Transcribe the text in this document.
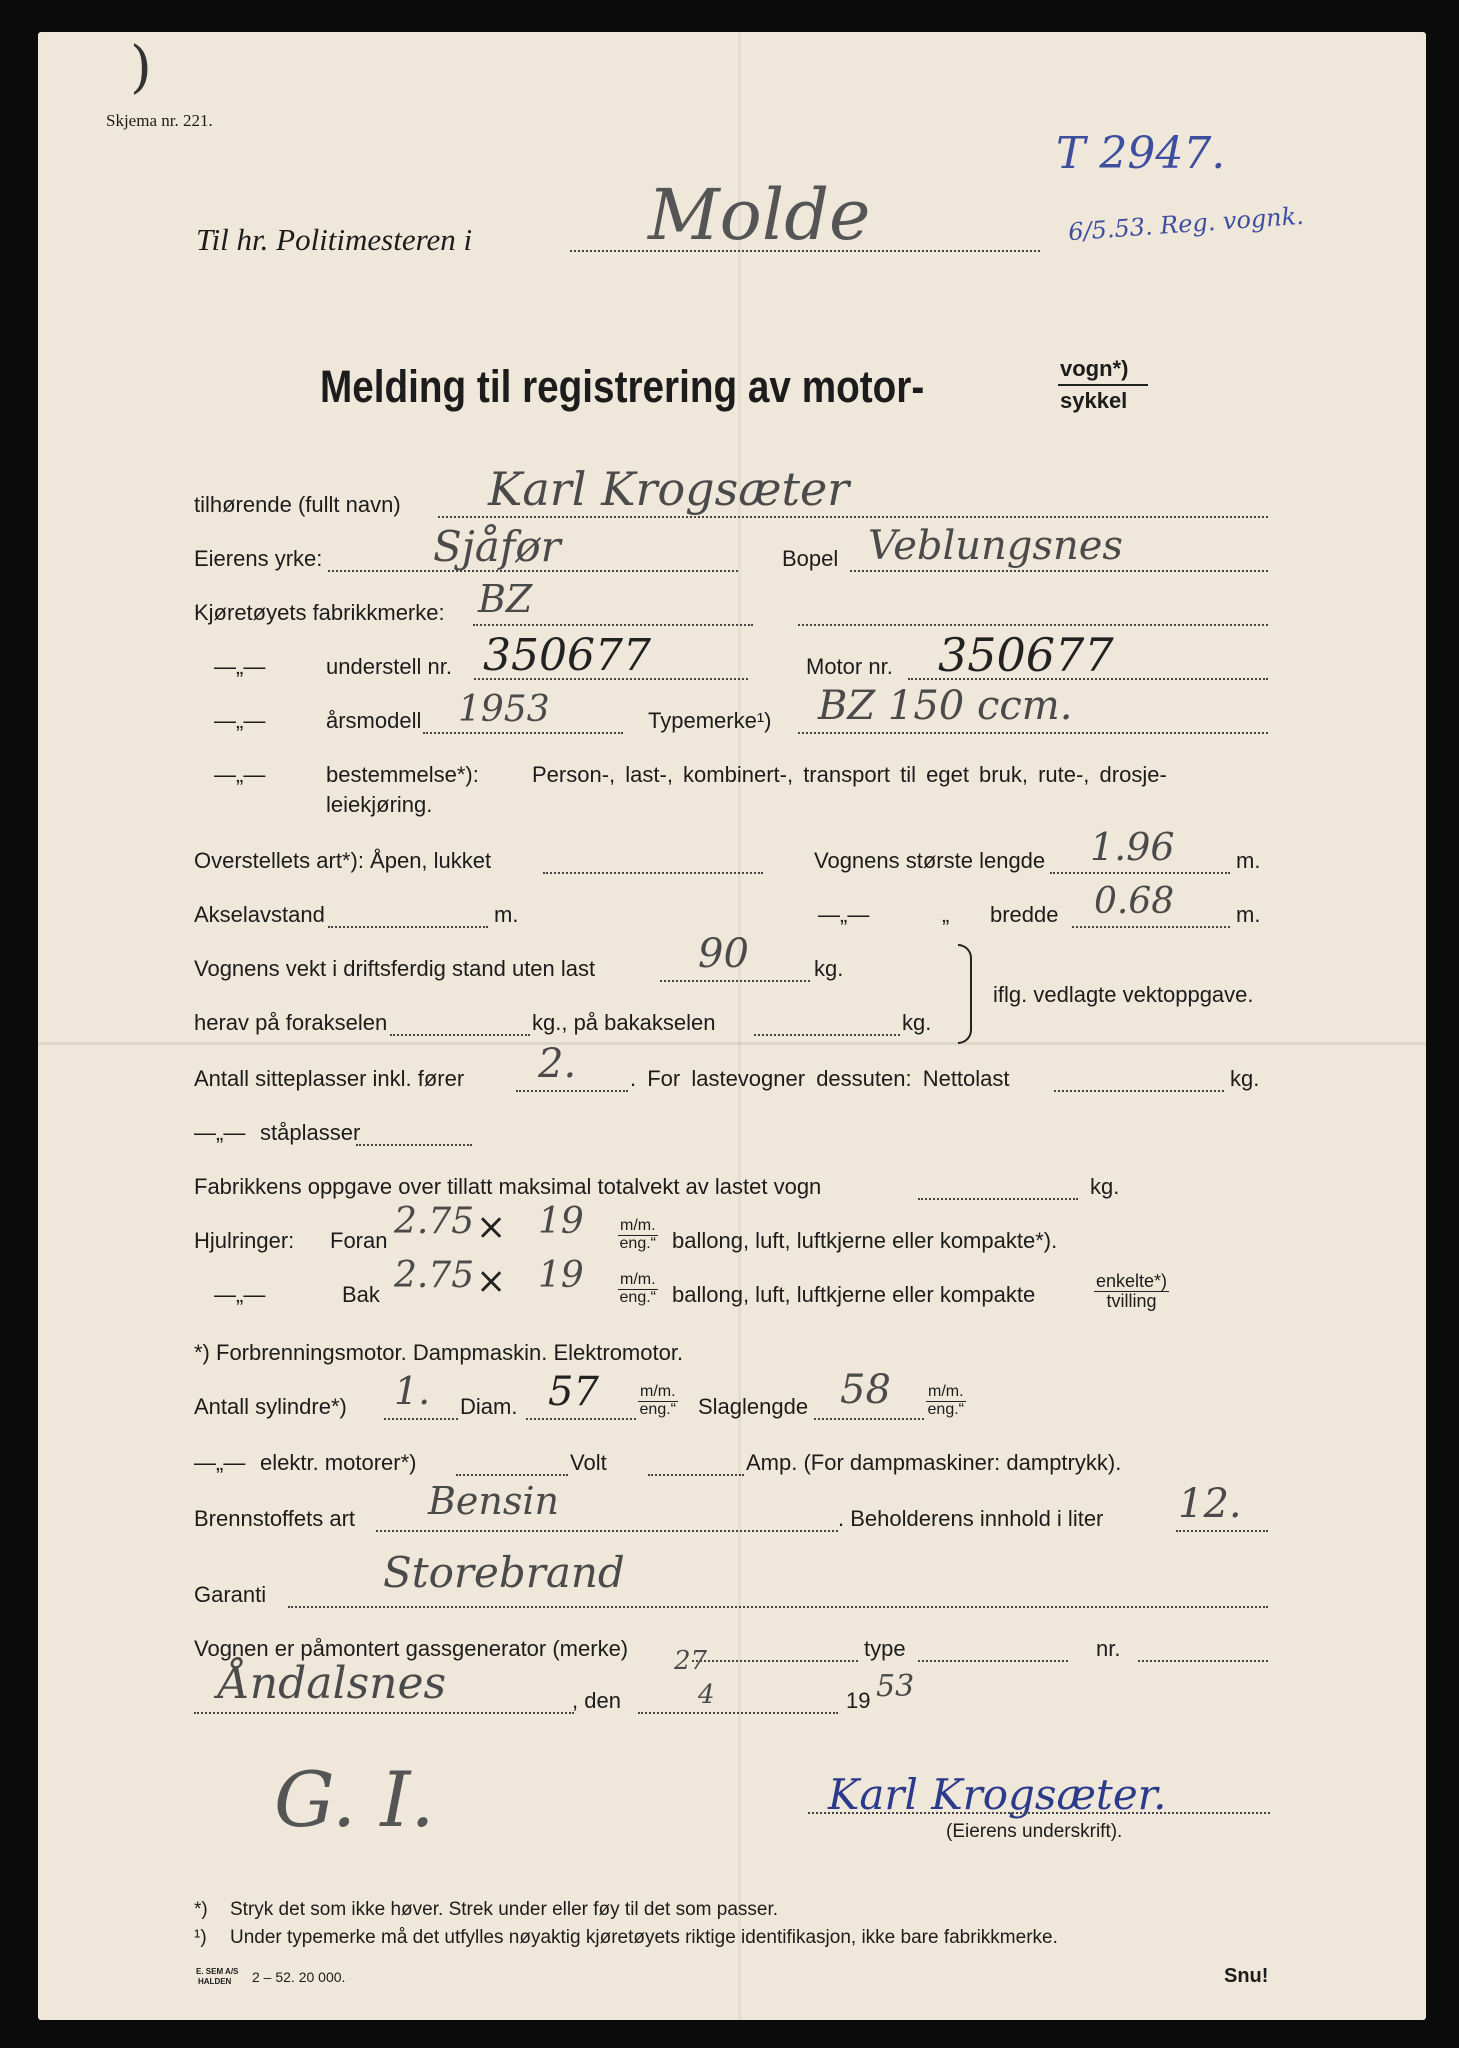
Skjema nr. 221.
)
T 2947.
6/5.53. Reg. vognk.
Til hr. Politimesteren i	Molde
Melding til registrering av motor-	vogn*)
sykkel
tilhørende (fullt navn) Karl Krogsæter
Eierens yrke:	Sjåfør	Bopel Veblungsnes
Kjøretøyets fabrikkmerke: BZ
—„—	understell nr. 350677	Motor nr. 350677
—„—	årsmodell 1953	Typemerke¹) BZ 150 ccm.
—„—	bestemmelse*): Person-, last-, kombinert-, transport til eget bruk, rute-, drosje-
leiekjøring.
Overstellets art*): Åpen, lukket	Vognens største lengde 1.96	m.
Akselavstand	m.	—„—	„ bredde 0.68	m.
Vognens vekt i driftsferdig stand uten last	90	kg.
herav på forakselen	kg., på bakakselen	kg.
iflg. vedlagte vektoppgave.
Antall sitteplasser inkl. fører 2. . For lastevogner dessuten: Nettolast	kg.
—„— ståplasser
Fabrikkens oppgave over tillatt maksimal totalvekt av lastet vogn	kg.
Hjulringer: Foran 2.75 × 19 m/m.
eng.“ ballong, luft, luftkjerne eller kompakte*).
—„—	Bak 2.75 × 19 m/m.
eng.“ ballong, luft, luftkjerne eller kompakte
enkelte*)
tvilling
*) Forbrenningsmotor. Dampmaskin. Elektromotor.
Antall sylindre*) 1. Diam. 57	m/m.
eng.“ Slaglengde 58 m/m.
eng.“
—„— elektr. motorer*)	Volt	Amp. (For dampmaskiner: damptrykk).
Brennstoffets art Bensin	. Beholderens innhold i liter 12.
Garanti	Storebrand
Vognen er påmontert gassgenerator (merke)	type	nr.
Åndalsnes	, den
27
4	19 53
G. I.	Karl Krogsæter.
(Eierens underskrift).
*) Stryk det som ikke høver. Strek under eller føy til det som passer.
¹) Under typemerke må det utfylles nøyaktig kjøretøyets riktige identifikasjon, ikke bare fabrikkmerke.
E. SEM A/S
HALDEN 2 – 52. 20 000.	Snu!
